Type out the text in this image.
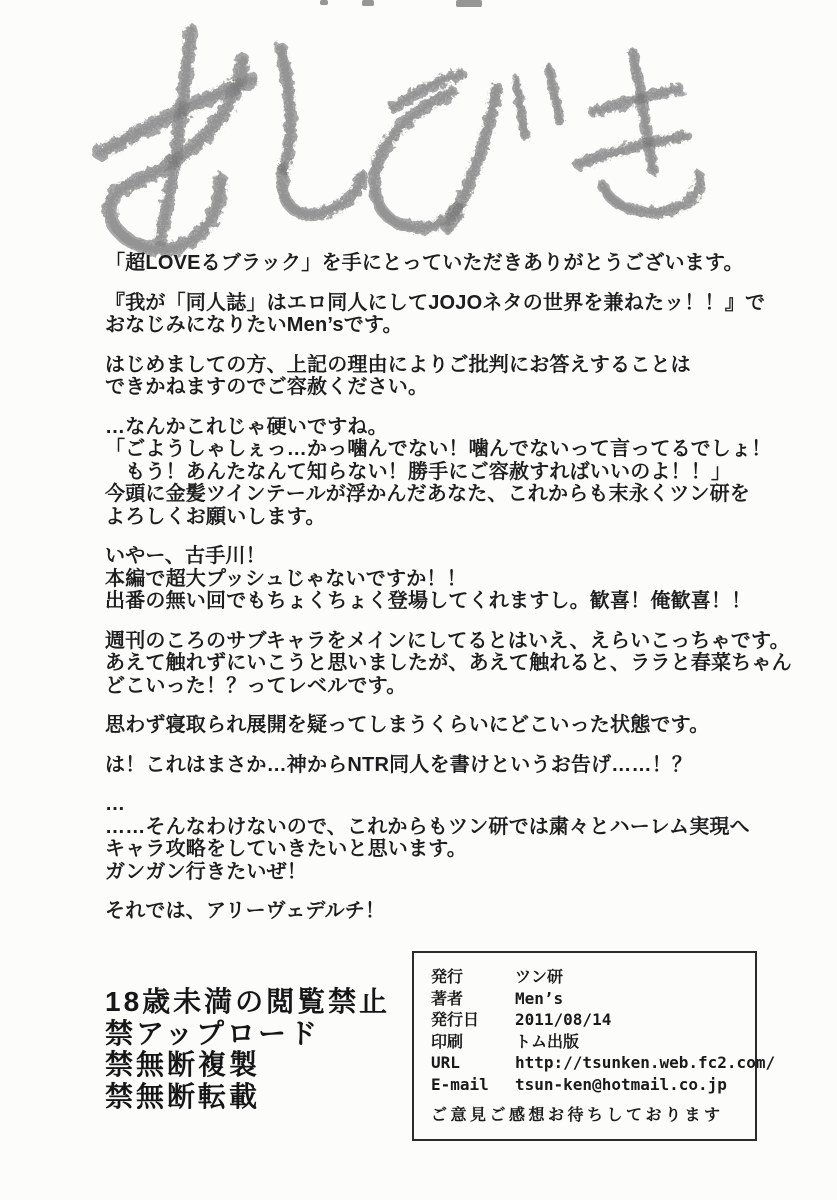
「超LOVEるブラック」を手にとっていただきありがとうございます。

『我が「同人誌」はエロ同人にしてJOJOネタの世界を兼ねたッ！！』で
おなじみになりたいMen’sです。

はじめましての方、上記の理由によりご批判にお答えすることは
できかねますのでご容赦ください。

…なんかこれじゃ硬いですね。
「ごようしゃしぇっ…かっ噛んでない！噛んでないって言ってるでしょ！
　もう！あんたなんて知らない！勝手にご容赦すればいいのよ！！」
今頭に金髪ツインテールが浮かんだあなた、これからも末永くツン研を
よろしくお願いします。

いやー、古手川！
本編で超大プッシュじゃないですか！！
出番の無い回でもちょくちょく登場してくれますし。歓喜！俺歓喜！！

週刊のころのサブキャラをメインにしてるとはいえ、えらいこっちゃです。
あえて触れずにいこうと思いましたが、あえて触れると、ララと春菜ちゃん
どこいった！？ってレベルです。

思わず寝取られ展開を疑ってしまうくらいにどこいった状態です。

は！これはまさか…神からNTR同人を書けというお告げ……！？

…
……そんなわけないので、これからもツン研では粛々とハーレム実現へ
キャラ攻略をしていきたいと思います。
ガンガン行きたいぜ！

それでは、アリーヴェデルチ！

18歳未満の閲覧禁止
禁アップロード
禁無断複製
禁無断転載
発行	ツン研
著者	Men’s
発行日	2011/08/14
印刷	トム出版
URL	http://tsunken.web.fc2.com/
E-mail	tsun-ken@hotmail.co.jp
ご意見ご感想お待ちしております
